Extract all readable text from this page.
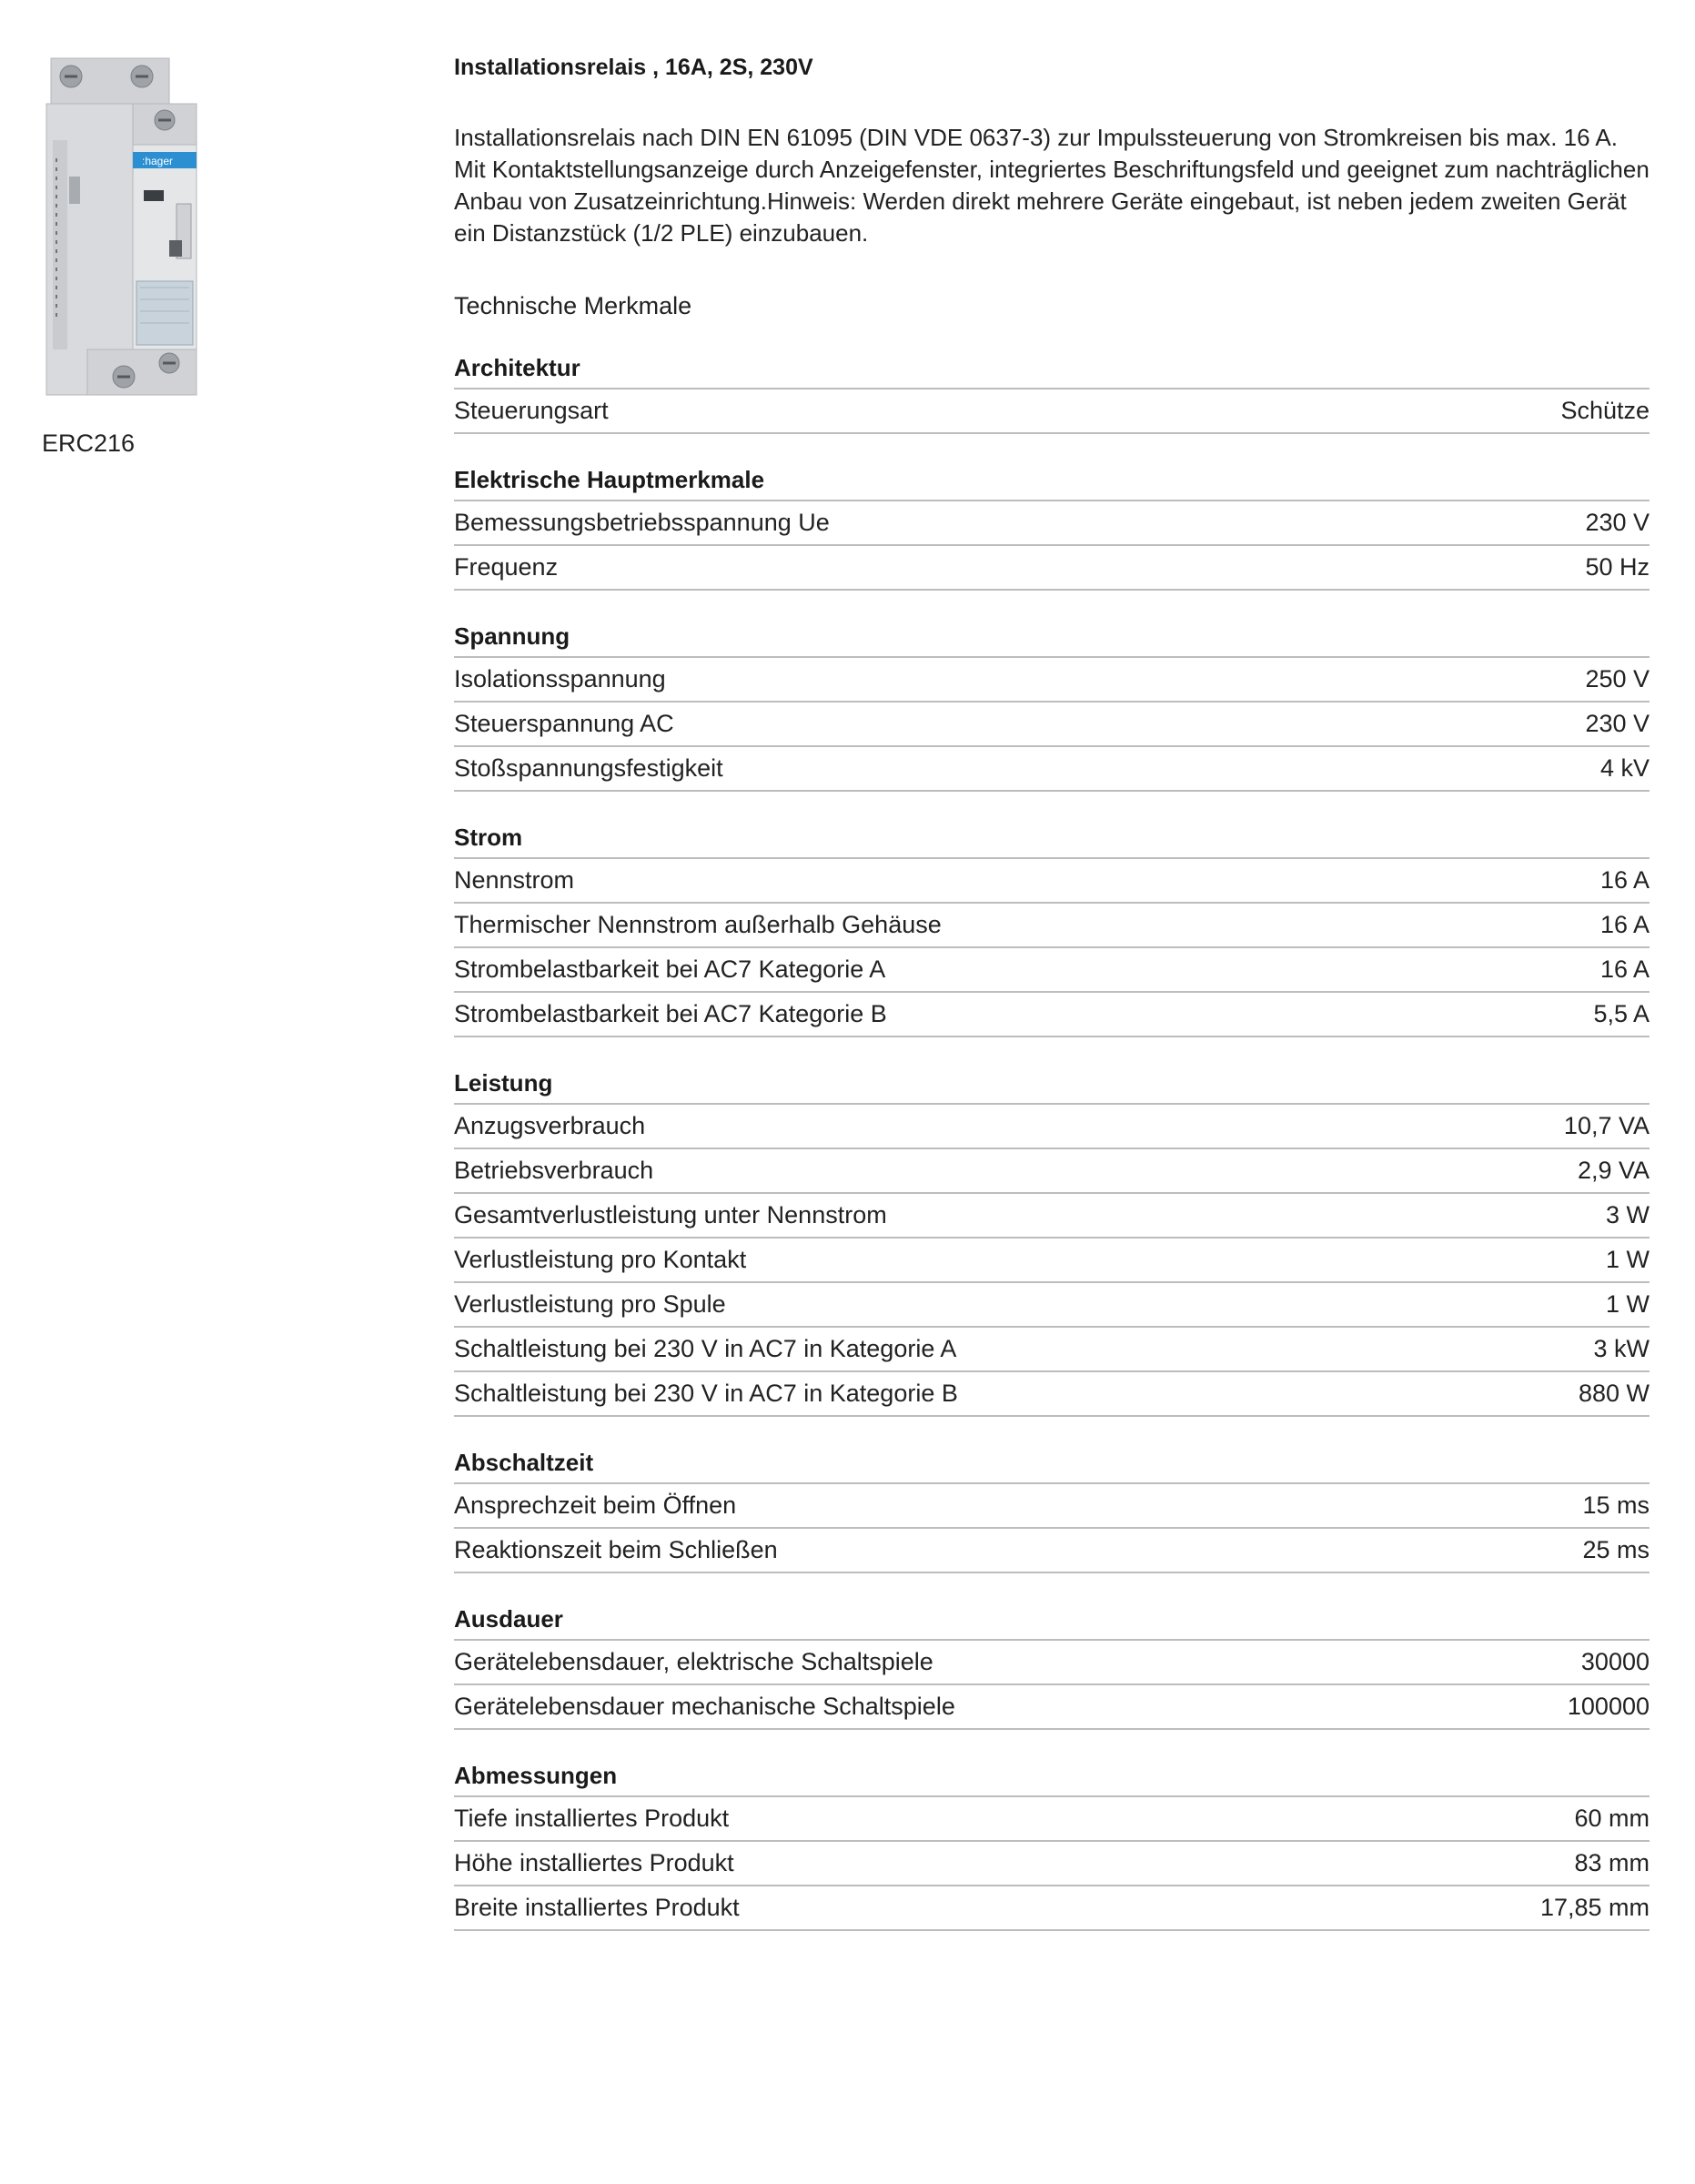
:hager
ERC216
Installationsrelais , 16A, 2S, 230V
Installationsrelais nach DIN EN 61095 (DIN VDE 0637-3) zur Impulssteuerung von Stromkreisen bis max. 16 A. Mit Kontaktstellungsanzeige durch Anzeigefenster, integriertes Beschriftungsfeld und geeignet zum nachträglichen Anbau von Zusatzeinrichtung.Hinweis: Werden direkt mehrere Geräte eingebaut, ist neben jedem zweiten Gerät ein Distanzstück (1/2 PLE) einzubauen.
Technische Merkmale
Architektur
Steuerungsart	Schütze
Elektrische Hauptmerkmale
Bemessungsbetriebsspannung Ue	230 V
Frequenz	50 Hz
Spannung
Isolationsspannung	250 V
Steuerspannung AC	230 V
Stoßspannungsfestigkeit	4 kV
Strom
Nennstrom	16 A
Thermischer Nennstrom außerhalb Gehäuse	16 A
Strombelastbarkeit bei AC7 Kategorie A	16 A
Strombelastbarkeit bei AC7 Kategorie B	5,5 A
Leistung
Anzugsverbrauch	10,7 VA
Betriebsverbrauch	2,9 VA
Gesamtverlustleistung unter Nennstrom	3 W
Verlustleistung pro Kontakt	1 W
Verlustleistung pro Spule	1 W
Schaltleistung bei 230 V in AC7 in Kategorie A	3 kW
Schaltleistung bei 230 V in AC7 in Kategorie B	880 W
Abschaltzeit
Ansprechzeit beim Öffnen	15 ms
Reaktionszeit beim Schließen	25 ms
Ausdauer
Gerätelebensdauer, elektrische Schaltspiele	30000
Gerätelebensdauer mechanische Schaltspiele	100000
Abmessungen
Tiefe installiertes Produkt	60 mm
Höhe installiertes Produkt	83 mm
Breite installiertes Produkt	17,85 mm
